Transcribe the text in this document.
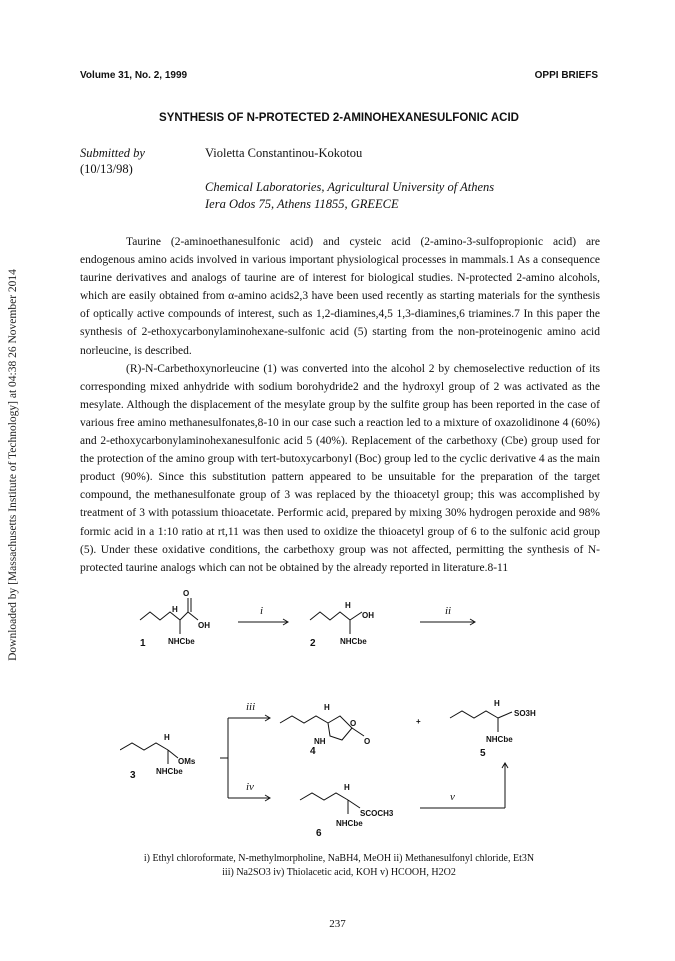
Downloaded by [Massachusetts Institute of Technology] at 04:38 26 November 2014
Volume 31, No. 2, 1999	OPPI BRIEFS
SYNTHESIS OF N-PROTECTED 2-AMINOHEXANESULFONIC ACID
Submitted by
(10/13/98)
Violetta Constantinou-Kokotou
Chemical Laboratories, Agricultural University of Athens
Iera Odos 75, Athens 11855, GREECE

Taurine (2-aminoethanesulfonic acid) and cysteic acid (2-amino-3-sulfopropionic acid) are endogenous amino acids involved in various important physiological processes in mammals.1 As a consequence taurine derivatives and analogs of taurine are of interest for biological studies. N-protected 2-amino alcohols, which are easily obtained from α-amino acids2,3 have been used recently as starting materials for the synthesis of optically active compounds of interest, such as 1,2-diamines,4,5 1,3-diamines,6 triamines.7 In this paper the synthesis of 2-ethoxycarbonylaminohexane-sulfonic acid (5) starting from the non-proteinogenic amino acid norleucine, is described.

(R)-N-Carbethoxynorleucine (1) was converted into the alcohol 2 by chemoselective reduction of its corresponding mixed anhydride with sodium borohydride2 and the hydroxyl group of 2 was activated as the mesylate. Although the displacement of the mesylate group by the sulfite group has been reported in the case of various free amino methanesulfonates,8-10 in our case such a reaction led to a mixture of oxazolidinone 4 (60%) and 2-ethoxycarbonylaminohexanesulfonic acid 5 (40%). Replacement of the carbethoxy (Cbe) group used for the protection of the amino group with tert-butoxycarbonyl (Boc) group led to the cyclic derivative 4 as the main product (90%). Since this substitution pattern appeared to be unsuitable for the preparation of the target compound, the methanesulfonate group of 3 was replaced by the thioacetyl group; this was accomplished by treatment of 3 with potassium thioacetate. Performic acid, prepared by mixing 30% hydrogen peroxide and 98% formic acid in a 1:10 ratio at rt,11 was then used to oxidize the thioacetyl group of 6 to the sulfonic acid group (5). Under these oxidative conditions, the carbethoxy group was not affected, permitting the synthesis of N-protected taurine analogs which can not be obtained by the already reported in literature.8-11

O
H
OH
NHCbe
1
i	H
OH
NHCbe
2
ii
H
OMs
NHCbe
3
iii
iv
H
O
NH	O
4
+
H
SO3H
NHCbe
5
H
SCOCH3
NHCbe
6
v
i) Ethyl chloroformate, N-methylmorpholine, NaBH4, MeOH ii) Methanesulfonyl chloride, Et3N
iii) Na2SO3 iv) Thiolacetic acid, KOH v) HCOOH, H2O2
237
